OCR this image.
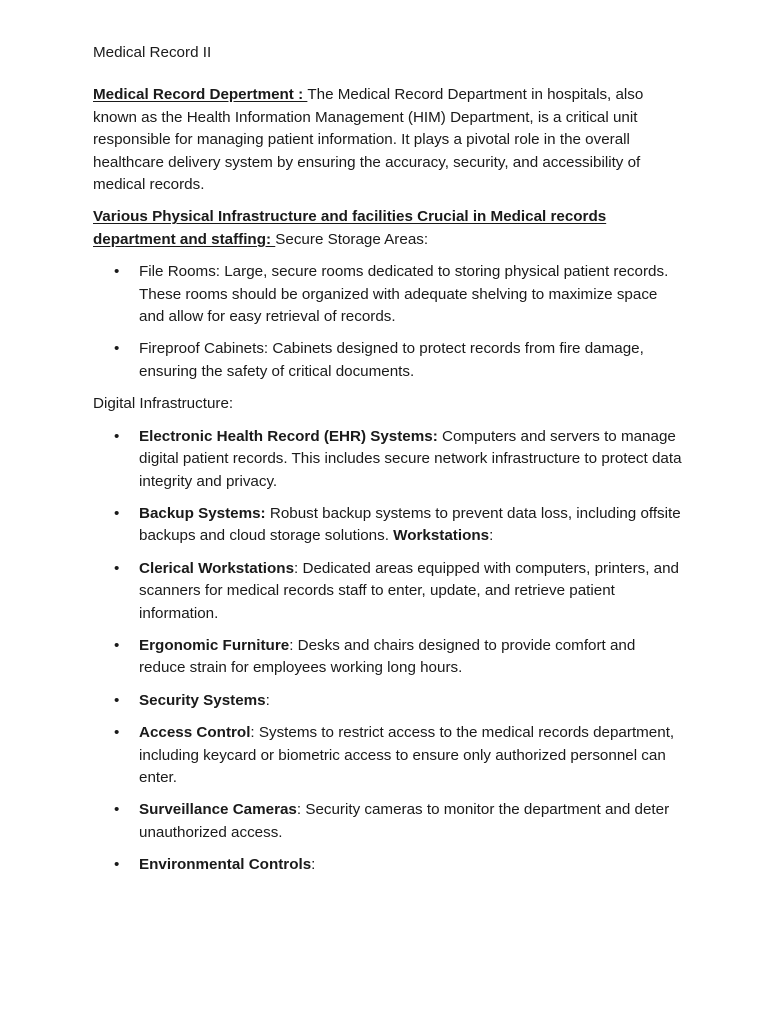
Medical Record II

Medical Record Depertment : The Medical Record Department in hospitals, also known as the Health Information Management (HIM) Department, is a critical unit responsible for managing patient information. It plays a pivotal role in the overall healthcare delivery system by ensuring the accuracy, security, and accessibility of medical records.

Various Physical Infrastructure and facilities Crucial in Medical records department and staffing: Secure Storage Areas:

• File Rooms: Large, secure rooms dedicated to storing physical patient records. These rooms should be organized with adequate shelving to maximize space and allow for easy retrieval of records.
• Fireproof Cabinets: Cabinets designed to protect records from fire damage, ensuring the safety of critical documents.

Digital Infrastructure:

• Electronic Health Record (EHR) Systems: Computers and servers to manage digital patient records. This includes secure network infrastructure to protect data integrity and privacy.
• Backup Systems: Robust backup systems to prevent data loss, including offsite backups and cloud storage solutions. Workstations:
• Clerical Workstations: Dedicated areas equipped with computers, printers, and scanners for medical records staff to enter, update, and retrieve patient information.
• Ergonomic Furniture: Desks and chairs designed to provide comfort and reduce strain for employees working long hours.
• Security Systems:
• Access Control: Systems to restrict access to the medical records department, including keycard or biometric access to ensure only authorized personnel can enter.
• Surveillance Cameras: Security cameras to monitor the department and deter unauthorized access.
• Environmental Controls:
